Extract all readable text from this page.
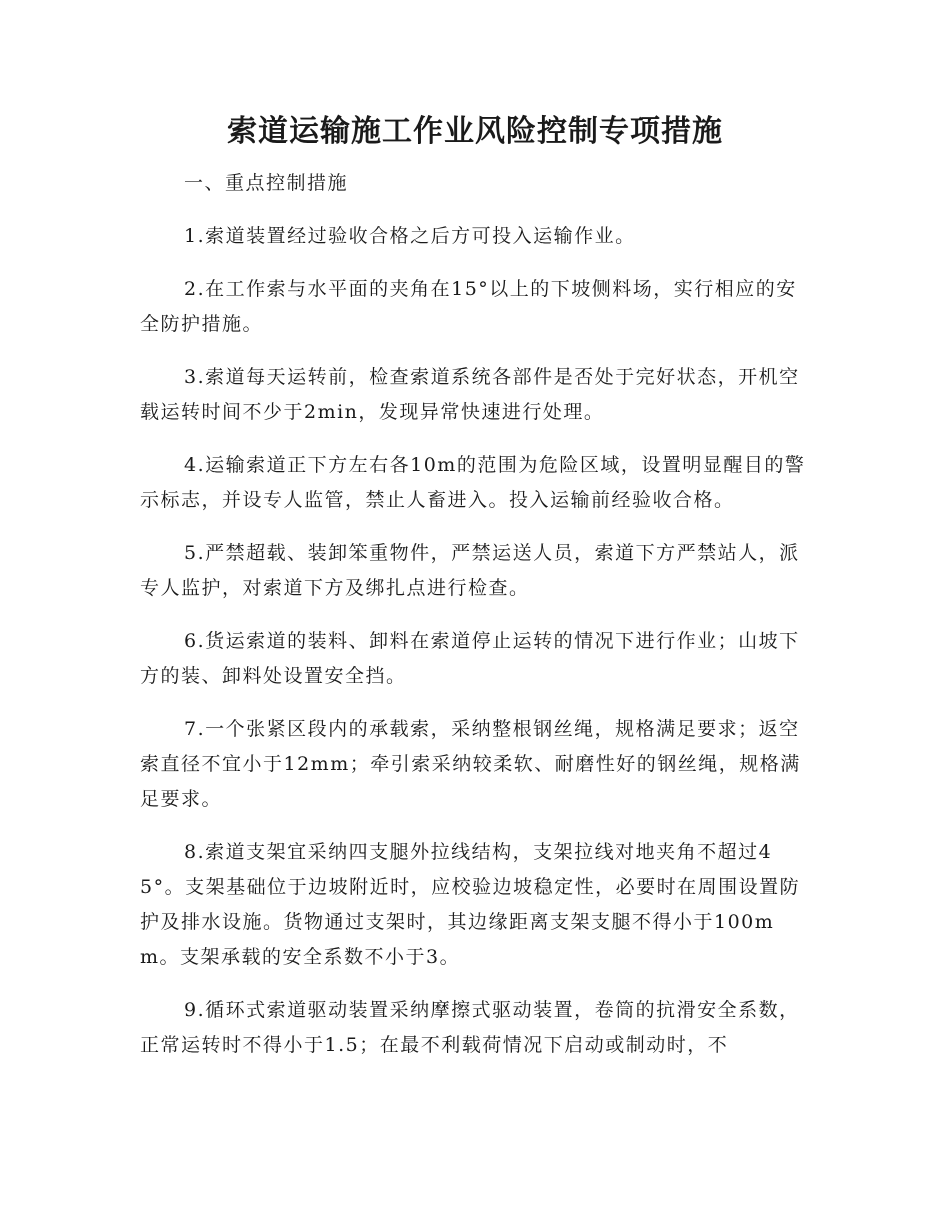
索道运输施工作业风险控制专项措施

一、重点控制措施

1.索道装置经过验收合格之后方可投入运输作业。

2.在工作索与水平面的夹角在15°以上的下坡侧料场，实行相应的安全防护措施。

3.索道每天运转前，检查索道系统各部件是否处于完好状态，开机空载运转时间不少于2min，发现异常快速进行处理。

4.运输索道正下方左右各10m的范围为危险区域，设置明显醒目的警示标志，并设专人监管，禁止人畜进入。投入运输前经验收合格。

5.严禁超载、装卸笨重物件，严禁运送人员，索道下方严禁站人，派专人监护，对索道下方及绑扎点进行检查。

6.货运索道的装料、卸料在索道停止运转的情况下进行作业；山坡下方的装、卸料处设置安全挡。

7.一个张紧区段内的承载索，采纳整根钢丝绳，规格满足要求；返空索直径不宜小于12mm；牵引索采纳较柔软、耐磨性好的钢丝绳，规格满足要求。

8.索道支架宜采纳四支腿外拉线结构，支架拉线对地夹角不超过45°。支架基础位于边坡附近时，应校验边坡稳定性，必要时在周围设置防护及排水设施。货物通过支架时，其边缘距离支架支腿不得小于100mm。支架承载的安全系数不小于3。

9.循环式索道驱动装置采纳摩擦式驱动装置，卷筒的抗滑安全系数，正常运转时不得小于1.5；在最不利载荷情况下启动或制动时，不
